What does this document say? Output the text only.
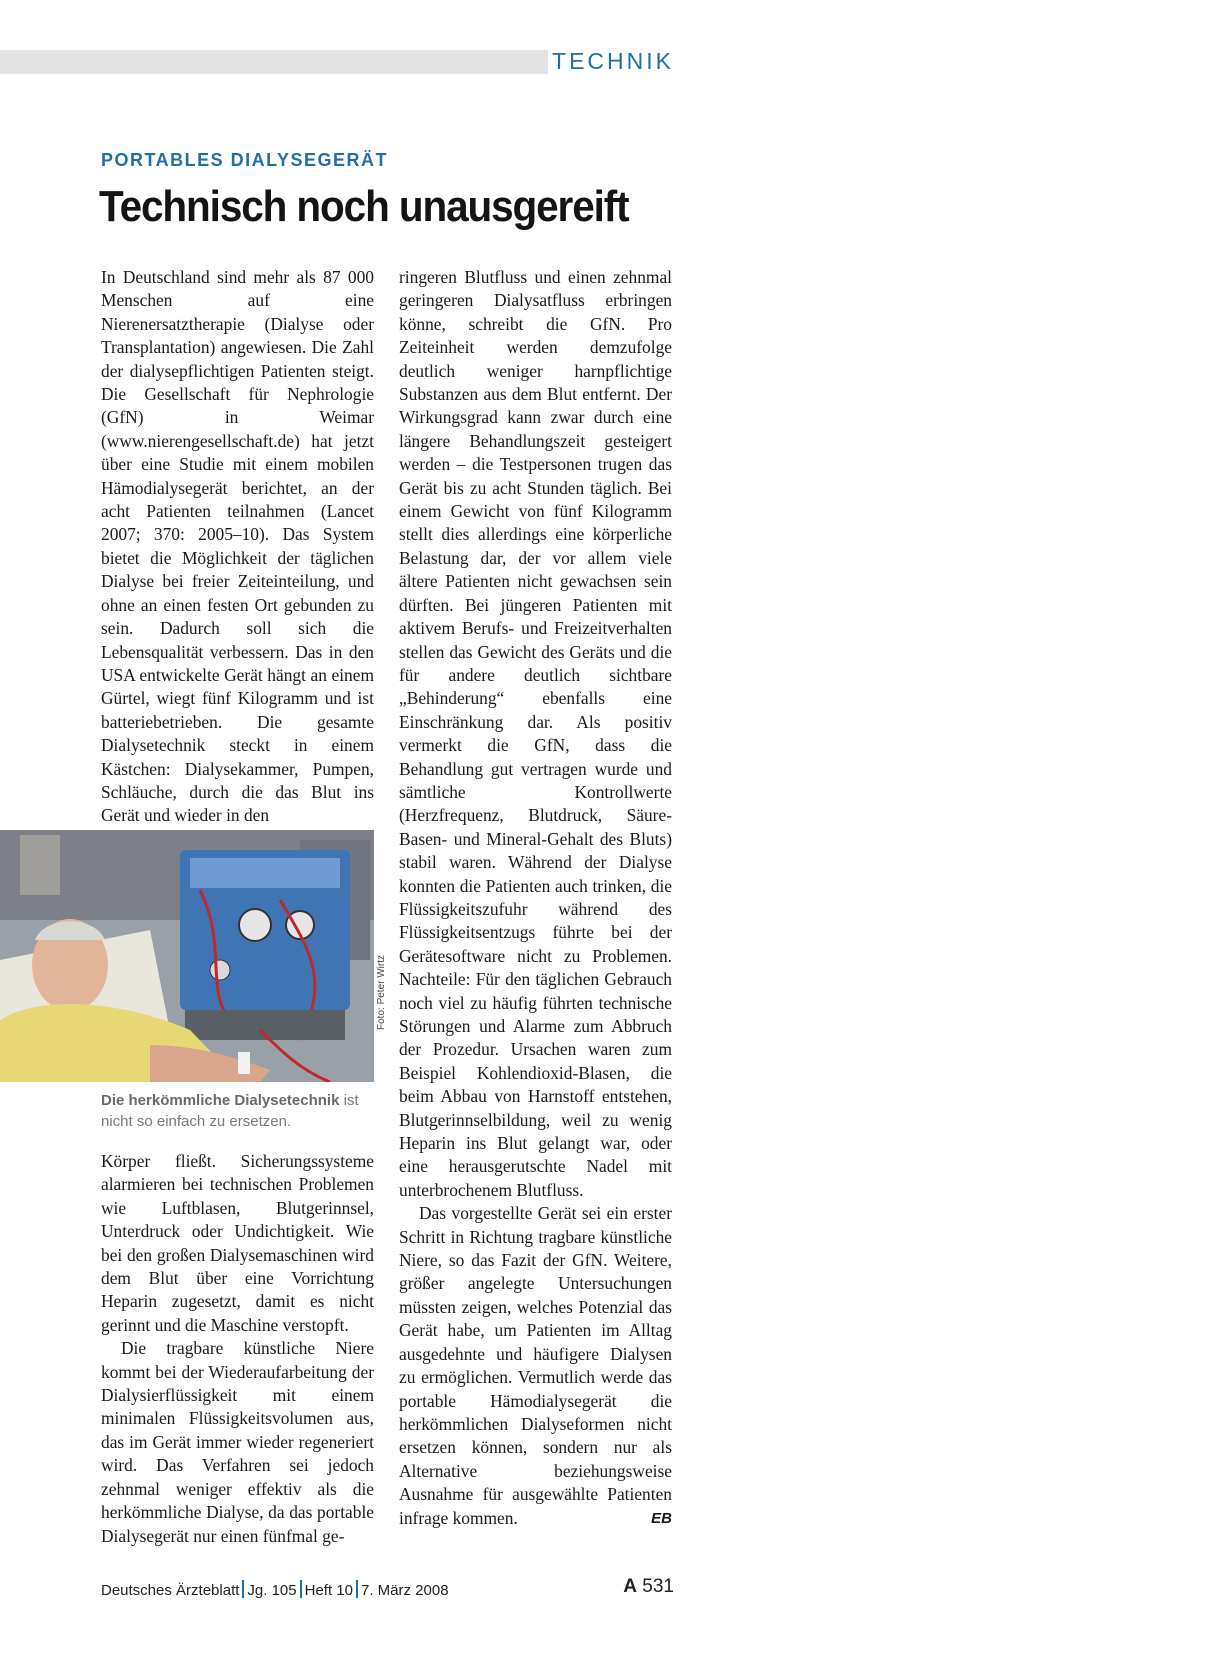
TECHNIK
PORTABLES DIALYSEGERÄT
Technisch noch unausgereift

In Deutschland sind mehr als 87 000 Menschen auf eine Nierenersatztherapie (Dialyse oder Transplantation) angewiesen. Die Zahl der dialysepflichtigen Patienten steigt. Die Gesellschaft für Nephrologie (GfN) in Weimar (www.nierengesellschaft.de) hat jetzt über eine Studie mit einem mobilen Hämodialysegerät berichtet, an der acht Patienten teilnahmen (Lancet 2007; 370: 2005–10). Das System bietet die Möglichkeit der täglichen Dialyse bei freier Zeiteinteilung, und ohne an einen festen Ort gebunden zu sein. Dadurch soll sich die Lebensqualität verbessern. Das in den USA entwickelte Gerät hängt an einem Gürtel, wiegt fünf Kilogramm und ist batteriebetrieben. Die gesamte Dialysetechnik steckt in einem Kästchen: Dialysekammer, Pumpen, Schläuche, durch die das Blut ins Gerät und wieder in den

Foto: Peter Wirtz
Die herkömmliche Dialysetechnik ist nicht so einfach zu ersetzen.

Körper fließt. Sicherungssysteme alarmieren bei technischen Problemen wie Luftblasen, Blutgerinnsel, Unterdruck oder Undichtigkeit. Wie bei den großen Dialysemaschinen wird dem Blut über eine Vorrichtung Heparin zugesetzt, damit es nicht gerinnt und die Maschine verstopft.

Die tragbare künstliche Niere kommt bei der Wiederaufarbeitung der Dialysierflüssigkeit mit einem minimalen Flüssigkeitsvolumen aus, das im Gerät immer wieder regeneriert wird. Das Verfahren sei jedoch zehnmal weniger effektiv als die herkömmliche Dialyse, da das portable Dialysegerät nur einen fünfmal ge-

ringeren Blutfluss und einen zehnmal geringeren Dialysatfluss erbringen könne, schreibt die GfN. Pro Zeiteinheit werden demzufolge deutlich weniger harnpflichtige Substanzen aus dem Blut entfernt. Der Wirkungsgrad kann zwar durch eine längere Behandlungszeit gesteigert werden – die Testpersonen trugen das Gerät bis zu acht Stunden täglich. Bei einem Gewicht von fünf Kilogramm stellt dies allerdings eine körperliche Belastung dar, der vor allem viele ältere Patienten nicht gewachsen sein dürften. Bei jüngeren Patienten mit aktivem Berufs- und Freizeitverhalten stellen das Gewicht des Geräts und die für andere deutlich sichtbare „Behinderung“ ebenfalls eine Einschränkung dar. Als positiv vermerkt die GfN, dass die Behandlung gut vertragen wurde und sämtliche Kontrollwerte (Herzfrequenz, Blutdruck, Säure-Basen- und Mineral-Gehalt des Bluts) stabil waren. Während der Dialyse konnten die Patienten auch trinken, die Flüssigkeitszufuhr während des Flüssigkeitsentzugs führte bei der Gerätesoftware nicht zu Problemen. Nachteile: Für den täglichen Gebrauch noch viel zu häufig führten technische Störungen und Alarme zum Abbruch der Prozedur. Ursachen waren zum Beispiel Kohlendioxid-Blasen, die beim Abbau von Harnstoff entstehen, Blutgerinnselbildung, weil zu wenig Heparin ins Blut gelangt war, oder eine herausgerutschte Nadel mit unterbrochenem Blutfluss.

Das vorgestellte Gerät sei ein erster Schritt in Richtung tragbare künstliche Niere, so das Fazit der GfN. Weitere, größer angelegte Untersuchungen müssten zeigen, welches Potenzial das Gerät habe, um Patienten im Alltag ausgedehnte und häufigere Dialysen zu ermöglichen. Vermutlich werde das portable Hämodialysegerät die herkömmlichen Dialyseformen nicht ersetzen können, sondern nur als Alternative beziehungsweise Ausnahme für ausgewählte Patienten infrage kommen.	EB

Deutsches Ärzteblatt Jg. 105 Heft 10 7. März 2008	A 531
